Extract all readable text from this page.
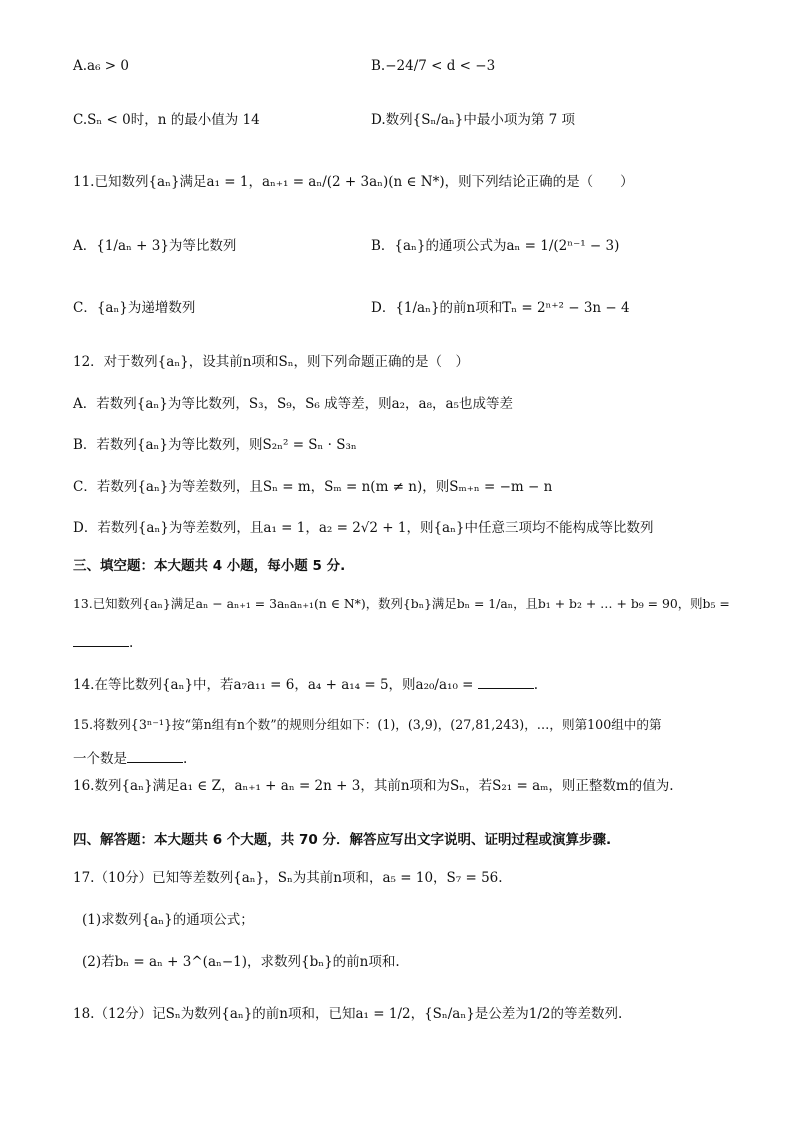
A.a₆ > 0	B.−24/7 < d < −3
C.Sₙ < 0时，n 的最小值为 14	D.数列{Sₙ/aₙ}中最小项为第 7 项
11.已知数列{aₙ}满足a₁ = 1，aₙ₊₁ = aₙ/(2 + 3aₙ)(n ∈ N*)，则下列结论正确的是（　　）
A．{1/aₙ + 3}为等比数列	B．{aₙ}的通项公式为aₙ = 1/(2ⁿ⁻¹ − 3)
C．{aₙ}为递增数列	D．{1/aₙ}的前n项和Tₙ = 2ⁿ⁺² − 3n − 4
12．对于数列{aₙ}，设其前n项和Sₙ，则下列命题正确的是（　）
A．若数列{aₙ}为等比数列，S₃，S₉，S₆ 成等差，则a₂，a₈，a₅也成等差
B．若数列{aₙ}为等比数列，则S₂ₙ² = Sₙ · S₃ₙ
C．若数列{aₙ}为等差数列，且Sₙ = m，Sₘ = n(m ≠ n)，则Sₘ₊ₙ = −m − n
D．若数列{aₙ}为等差数列，且a₁ = 1，a₂ = 2√2 + 1，则{aₙ}中任意三项均不能构成等比数列
三、填空题：本大题共 4 小题，每小题 5 分.
13.已知数列{aₙ}满足aₙ − aₙ₊₁ = 3aₙaₙ₊₁(n ∈ N*)，数列{bₙ}满足bₙ = 1/aₙ，且b₁ + b₂ + … + b₉ = 90，则b₅ =
.
14.在等比数列{aₙ}中，若a₇a₁₁ = 6，a₄ + a₁₄ = 5，则a₂₀/a₁₀ =	.
15.将数列{3ⁿ⁻¹}按“第n组有n个数”的规则分组如下：(1)，(3,9)，(27,81,243)，…，则第100组中的第
一个数是	.
16.数列{aₙ}满足a₁ ∈ Z，aₙ₊₁ + aₙ = 2n + 3，其前n项和为Sₙ，若S₂₁ = aₘ，则正整数m的值为.
四、解答题：本大题共 6 个大题，共 70 分．解答应写出文字说明、证明过程或演算步骤.
17.（10分）已知等差数列{aₙ}，Sₙ为其前n项和，a₅ = 10，S₇ = 56.
(1)求数列{aₙ}的通项公式；
(2)若bₙ = aₙ + 3^(aₙ−1)，求数列{bₙ}的前n项和.
18.（12分）记Sₙ为数列{aₙ}的前n项和，已知a₁ = 1/2，{Sₙ/aₙ}是公差为1/2的等差数列.
